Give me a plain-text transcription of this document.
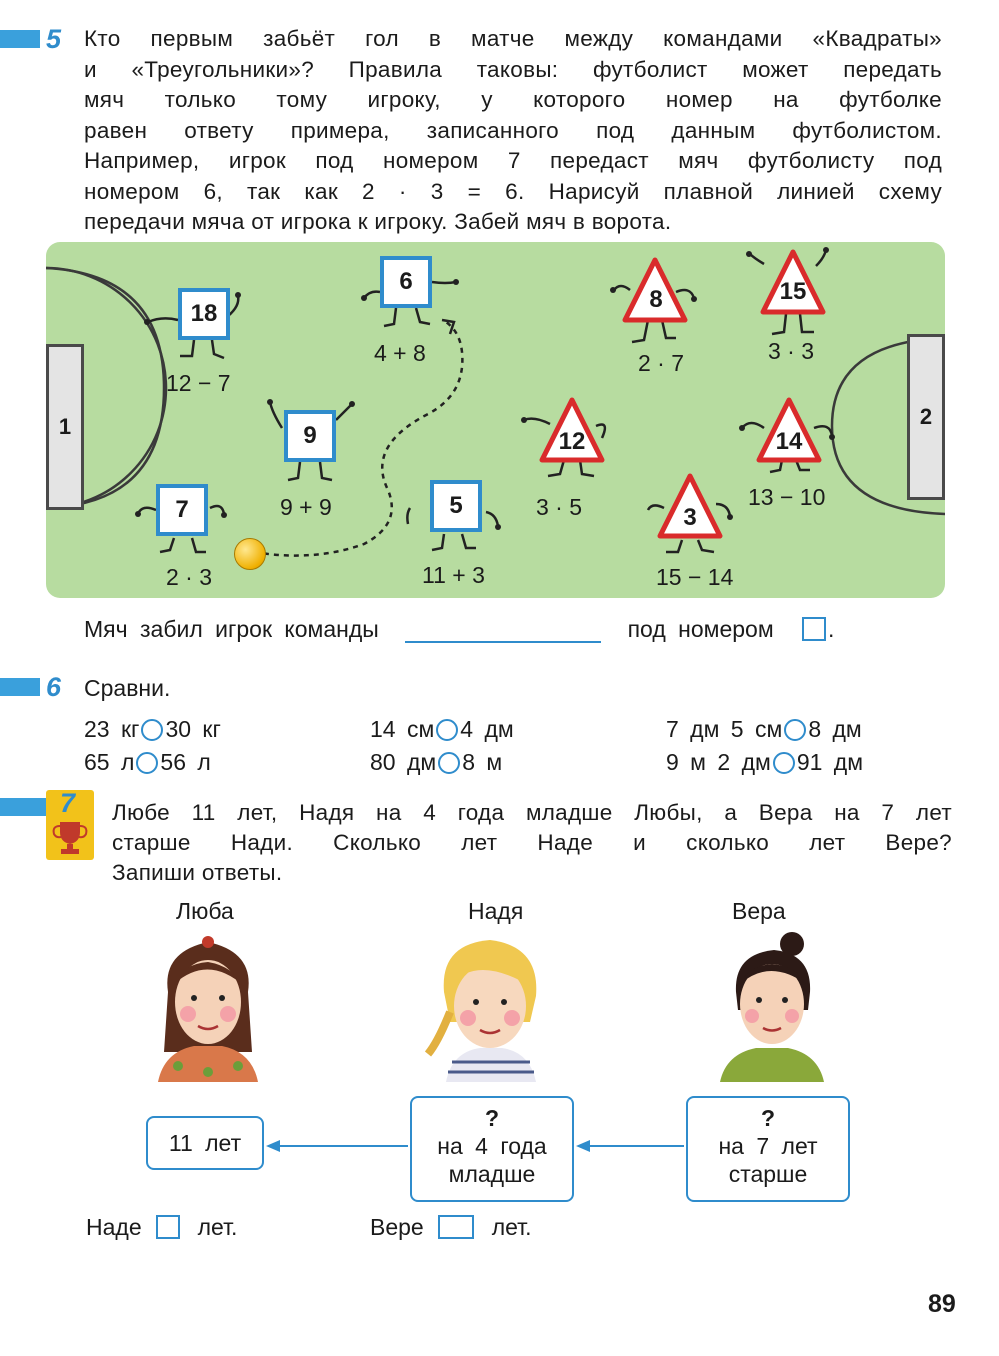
5 Кто первым забьёт гол в матче между командами «Квадраты»
и «Треугольники»? Правила таковы: футболист может передать
мяч только тому игроку, у которого номер на футболке
равен ответу примера, записанного под данным футболистом.
Например, игрок под номером 7 передаст мяч футболисту под
номером 6, так как 2 · 3 = 6. Нарисуй плавной линией схему
передачи мяча от игрока к игроку. Забей мяч в ворота.
1	2
18
12 − 7
6
4 + 8
9
9 + 9
7
2 · 3
5
11 + 3
8
2 · 7
15
3 · 3
12
3 · 5
14
13 − 10
3
15 − 14
Мяч забил игрок команды	под номером .
6 Сравни.
23 кг 30 кг	14 см 4 дм	7 дм 5 см 8 дм
65 л 56 л	80 дм 8 м	9 м 2 дм 91 дм
7 Любе 11 лет, Надя на 4 года младше Любы, а Вера на 7 лет
старше Нади. Сколько лет Наде и сколько лет Вере?
Запиши ответы.
Люба	Надя	Вера
11 лет
?
на 4 года
младше
?
на 7 лет
старше
Наде лет.	Вере	лет.
89
